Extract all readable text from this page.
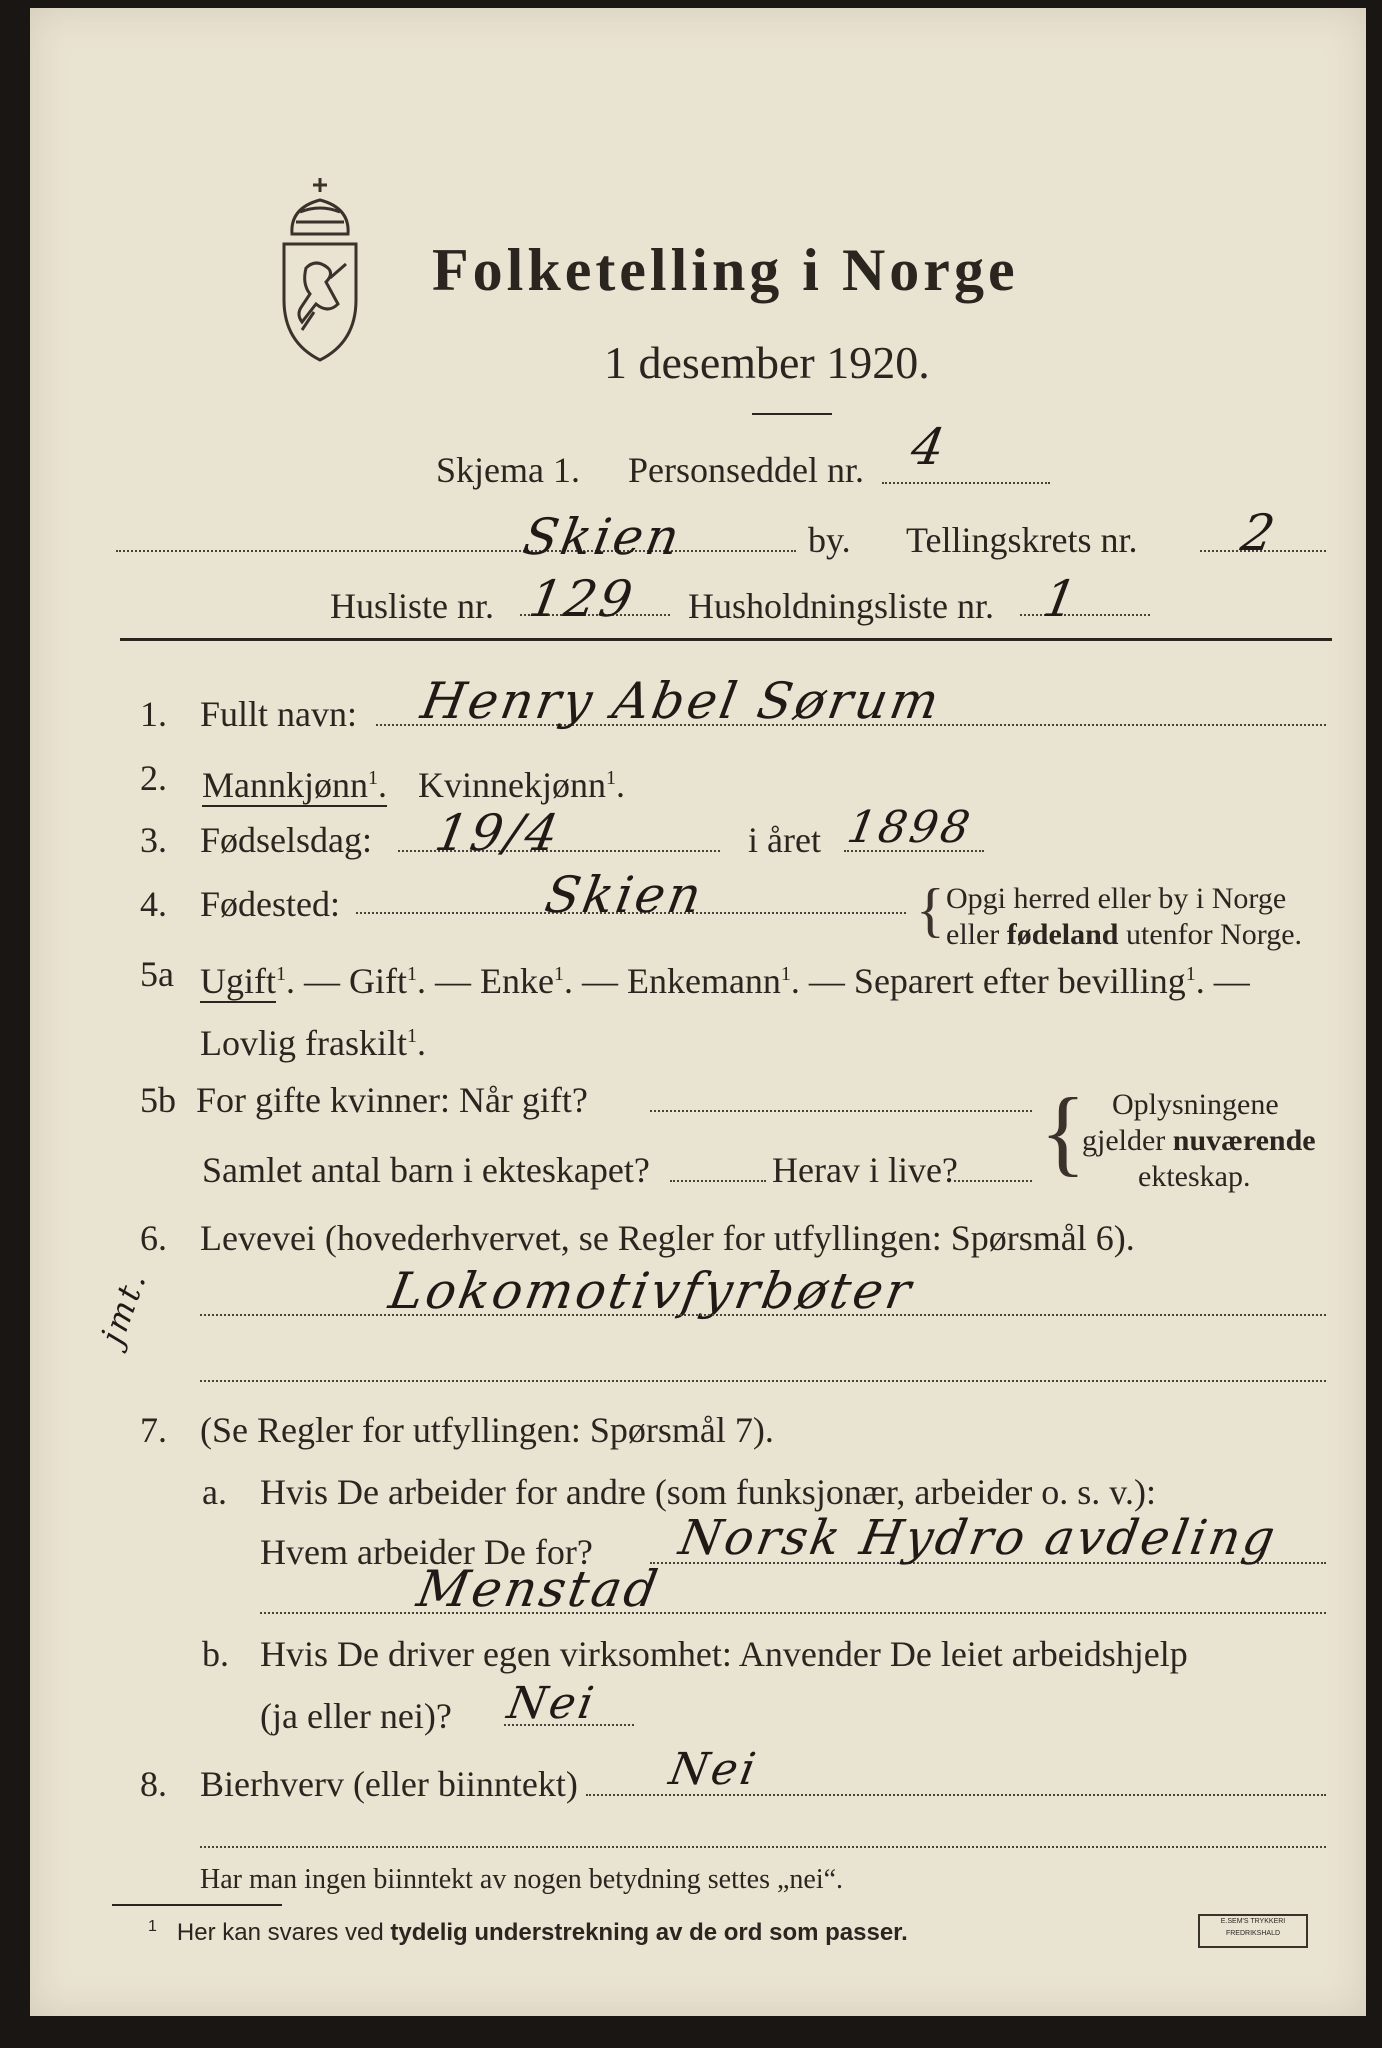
Folketelling i Norge
1 desember 1920.
Skjema 1. Personseddel nr. 4
Skien	by. Tellingskrets nr. 2
Husliste nr. 129 Husholdningsliste nr. 1
1. Fullt navn: Henry Abel Sørum
2. Mannkjønn$^1$. Kvinnekjønn$^1$.
3. Fødselsdag: 19/4	i året 1898
4. Fødested:	Skien	{ Opgi herred eller by i Norge
eller fødeland utenfor Norge.
5a Ugift$^1$. — Gift$^1$. — Enke$^1$. — Enkemann$^1$. — Separert efter bevilling$^1$. —
Lovlig fraskilt$^1$.
5b For gifte kvinner: Når gift?
Samlet antal barn i ekteskapet?	Herav i live? { Oplysningene
gjelder nuværende
ekteskap.
6. Levevei (hovederhvervet, se Regler for utfyllingen: Spørsmål 6).
jmt.	Lokomotivfyrbøter
7. (Se Regler for utfyllingen: Spørsmål 7).
a. Hvis De arbeider for andre (som funksjonær, arbeider o. s. v.):
Hvem arbeider De for? Norsk Hydro avdeling
Menstad
b. Hvis De driver egen virksomhet: Anvender De leiet arbeidshjelp
(ja eller nei)? Nei
8. Bierhverv (eller biinntekt) Nei
Har man ingen biinntekt av nogen betydning settes „nei“.
$^1$ Her kan svares ved tydelig understrekning av de ord som passer.	E.SEM'S TRYKKERI
FREDRIKSHALD
